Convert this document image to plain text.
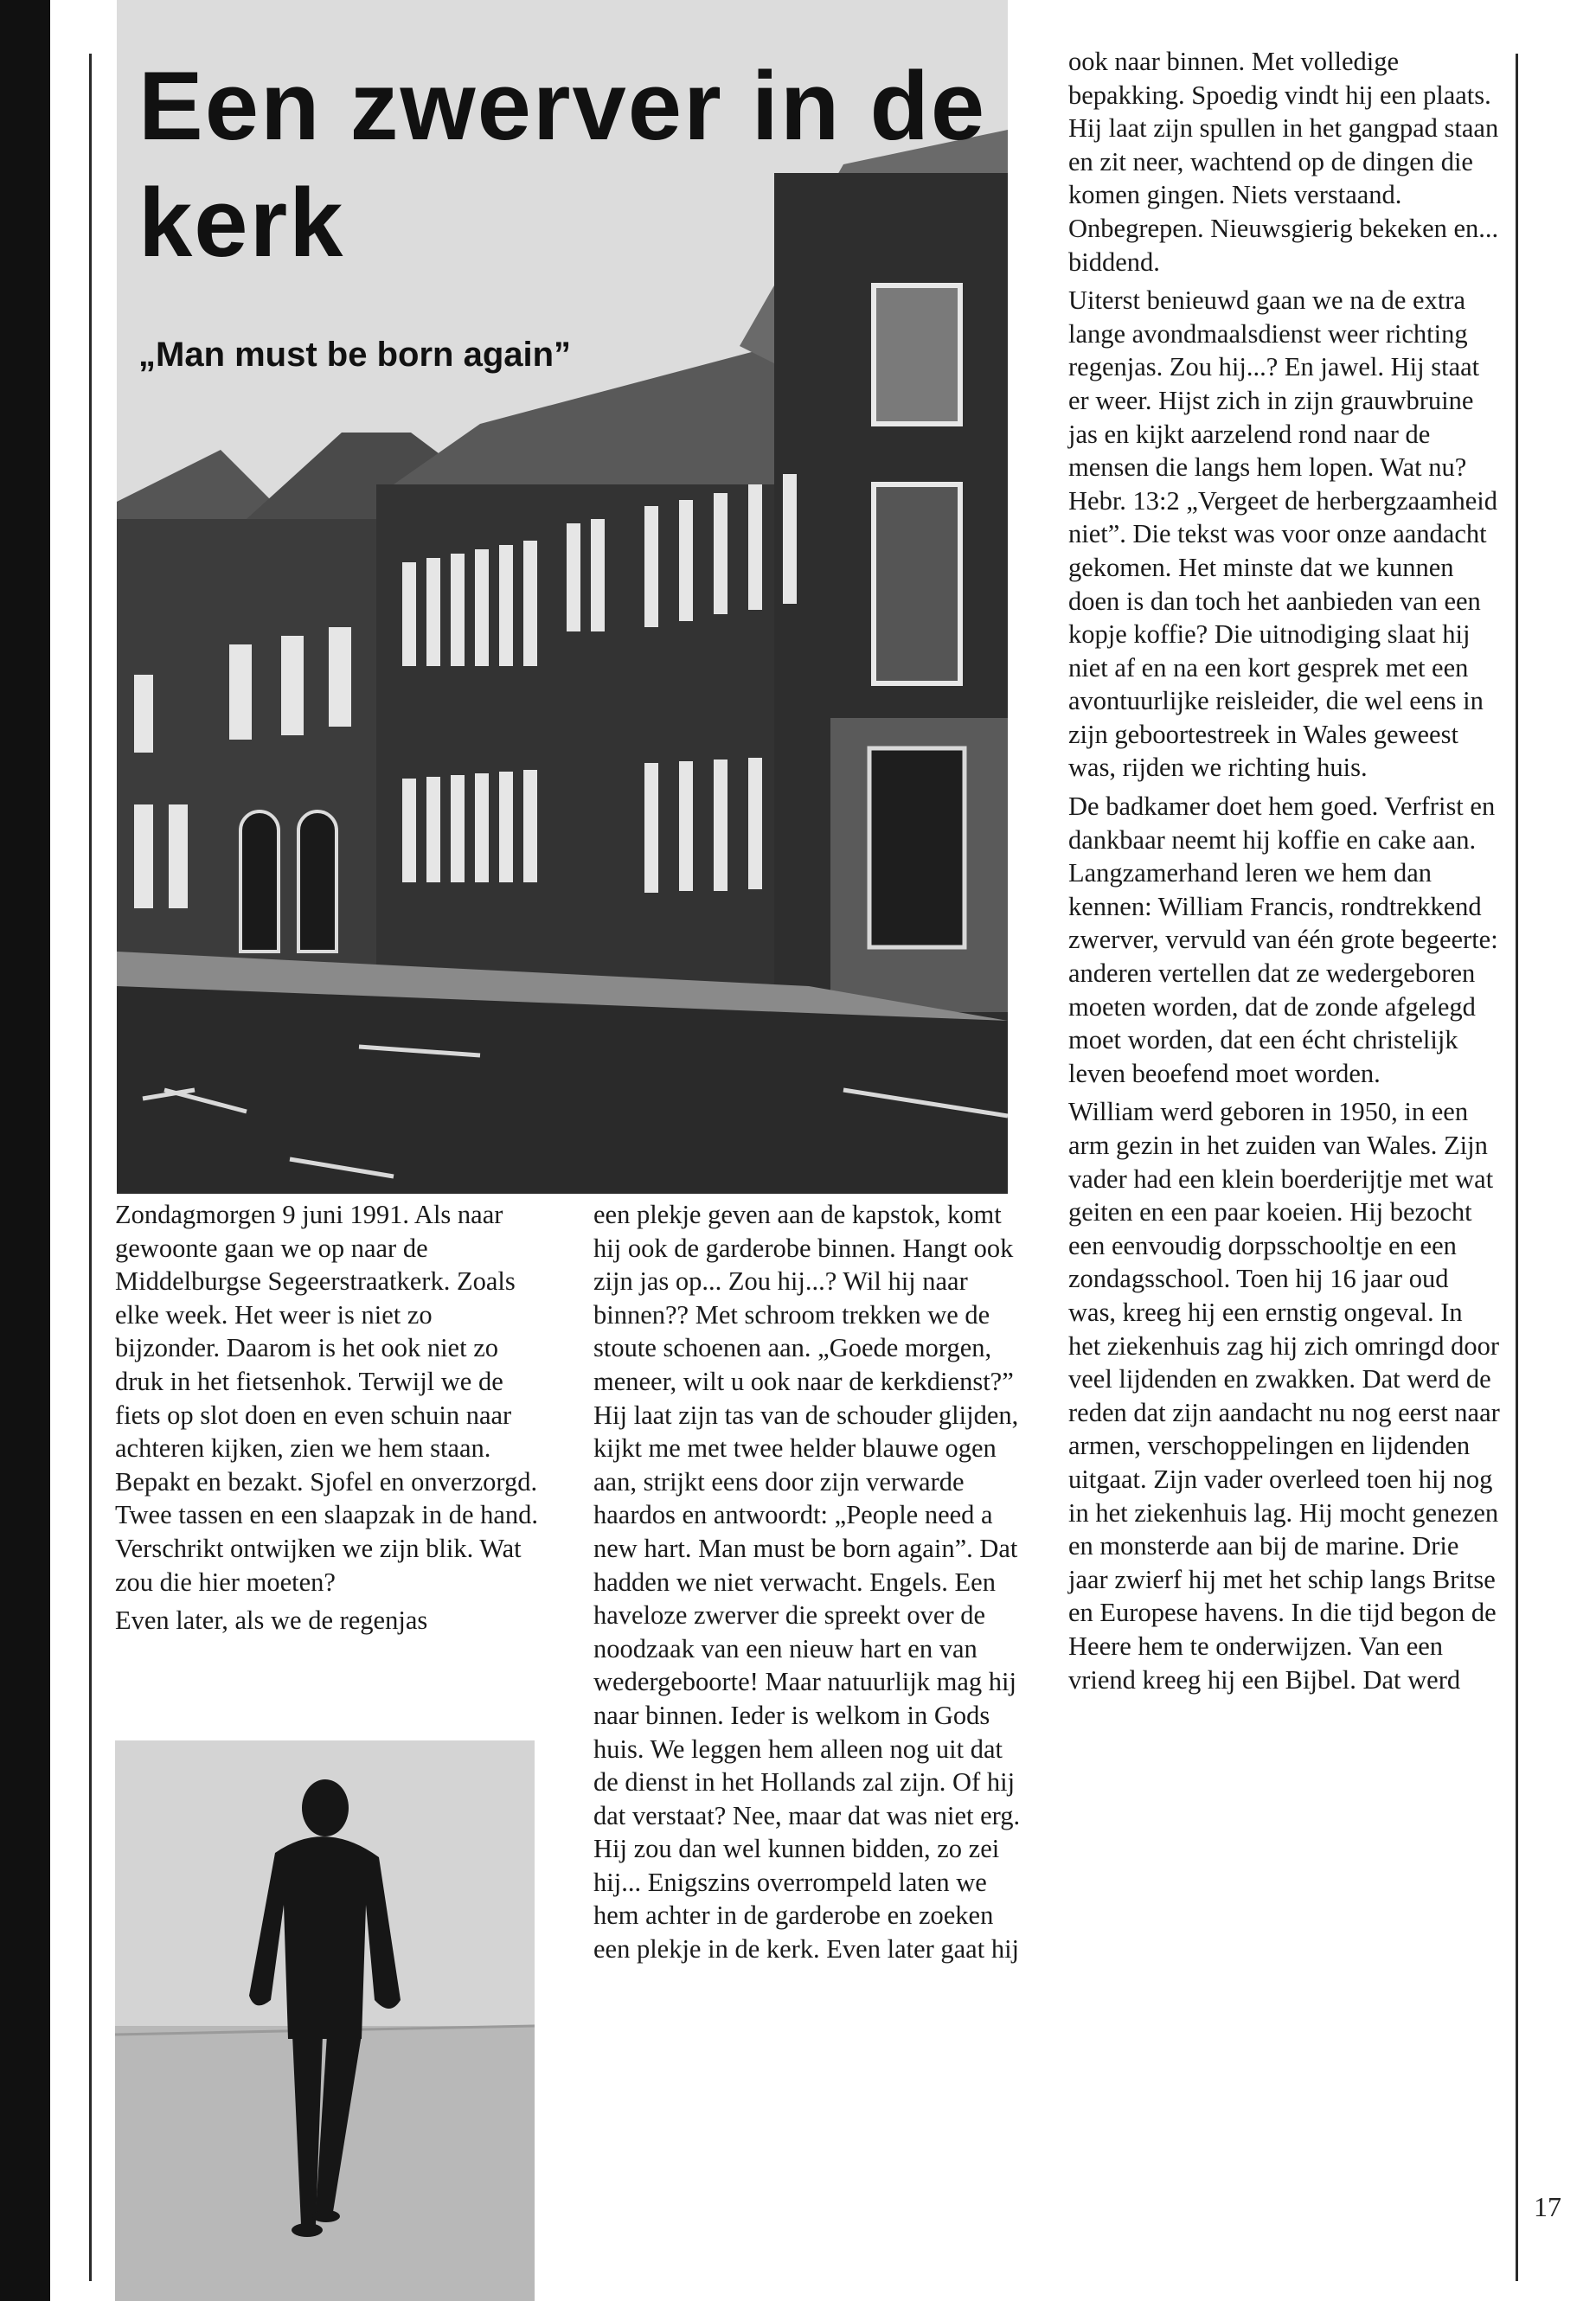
Een zwerver in de kerk

„Man must be born again”

Zondagmorgen 9 juni 1991. Als naar gewoonte gaan we op naar de Middelburgse Segeerstraatkerk. Zoals elke week. Het weer is niet zo bijzonder. Daarom is het ook niet zo druk in het fietsenhok. Terwijl we de fiets op slot doen en even schuin naar achteren kijken, zien we hem staan. Bepakt en bezakt. Sjofel en onverzorgd. Twee tassen en een slaapzak in de hand. Verschrikt ontwijken we zijn blik. Wat zou die hier moeten?

Even later, als we de regenjas

een plekje geven aan de kapstok, komt hij ook de garderobe binnen. Hangt ook zijn jas op... Zou hij...? Wil hij naar binnen?? Met schroom trekken we de stoute schoenen aan. „Goede morgen, meneer, wilt u ook naar de kerkdienst?” Hij laat zijn tas van de schouder glijden, kijkt me met twee helder blauwe ogen aan, strijkt eens door zijn verwarde haardos en antwoordt: „People need a new hart. Man must be born again”. Dat hadden we niet verwacht. Engels. Een haveloze zwerver die spreekt over de noodzaak van een nieuw hart en van wedergeboorte! Maar natuurlijk mag hij naar binnen. Ieder is welkom in Gods huis. We leggen hem alleen nog uit dat de dienst in het Hollands zal zijn. Of hij dat verstaat? Nee, maar dat was niet erg. Hij zou dan wel kunnen bidden, zo zei hij... Enigszins overrompeld laten we hem achter in de garderobe en zoeken een plekje in de kerk. Even later gaat hij

ook naar binnen. Met volledige bepakking. Spoedig vindt hij een plaats. Hij laat zijn spullen in het gangpad staan en zit neer, wachtend op de dingen die komen gingen. Niets verstaand. Onbegrepen. Nieuwsgierig bekeken en... biddend.

Uiterst benieuwd gaan we na de extra lange avondmaalsdienst weer richting regenjas. Zou hij...? En jawel. Hij staat er weer. Hijst zich in zijn grauwbruine jas en kijkt aarzelend rond naar de mensen die langs hem lopen. Wat nu? Hebr. 13:2 „Vergeet de herbergzaamheid niet”. Die tekst was voor onze aandacht gekomen. Het minste dat we kunnen doen is dan toch het aanbieden van een kopje koffie? Die uitnodiging slaat hij niet af en na een kort gesprek met een avontuurlijke reisleider, die wel eens in zijn geboortestreek in Wales geweest was, rijden we richting huis.

De badkamer doet hem goed. Verfrist en dankbaar neemt hij koffie en cake aan. Langzamerhand leren we hem dan kennen: William Francis, rondtrekkend zwerver, vervuld van één grote begeerte: anderen vertellen dat ze wedergeboren moeten worden, dat de zonde afgelegd moet worden, dat een écht christelijk leven beoefend moet worden.

William werd geboren in 1950, in een arm gezin in het zuiden van Wales. Zijn vader had een klein boerderijtje met wat geiten en een paar koeien. Hij bezocht een eenvoudig dorpsschooltje en een zondagsschool. Toen hij 16 jaar oud was, kreeg hij een ernstig ongeval. In het ziekenhuis zag hij zich omringd door veel lijdenden en zwakken. Dat werd de reden dat zijn aandacht nu nog eerst naar armen, verschoppelingen en lijdenden uitgaat. Zijn vader overleed toen hij nog in het ziekenhuis lag. Hij mocht genezen en monsterde aan bij de marine. Drie jaar zwierf hij met het schip langs Britse en Europese havens. In die tijd begon de Heere hem te onderwijzen. Van een vriend kreeg hij een Bijbel. Dat werd

17
